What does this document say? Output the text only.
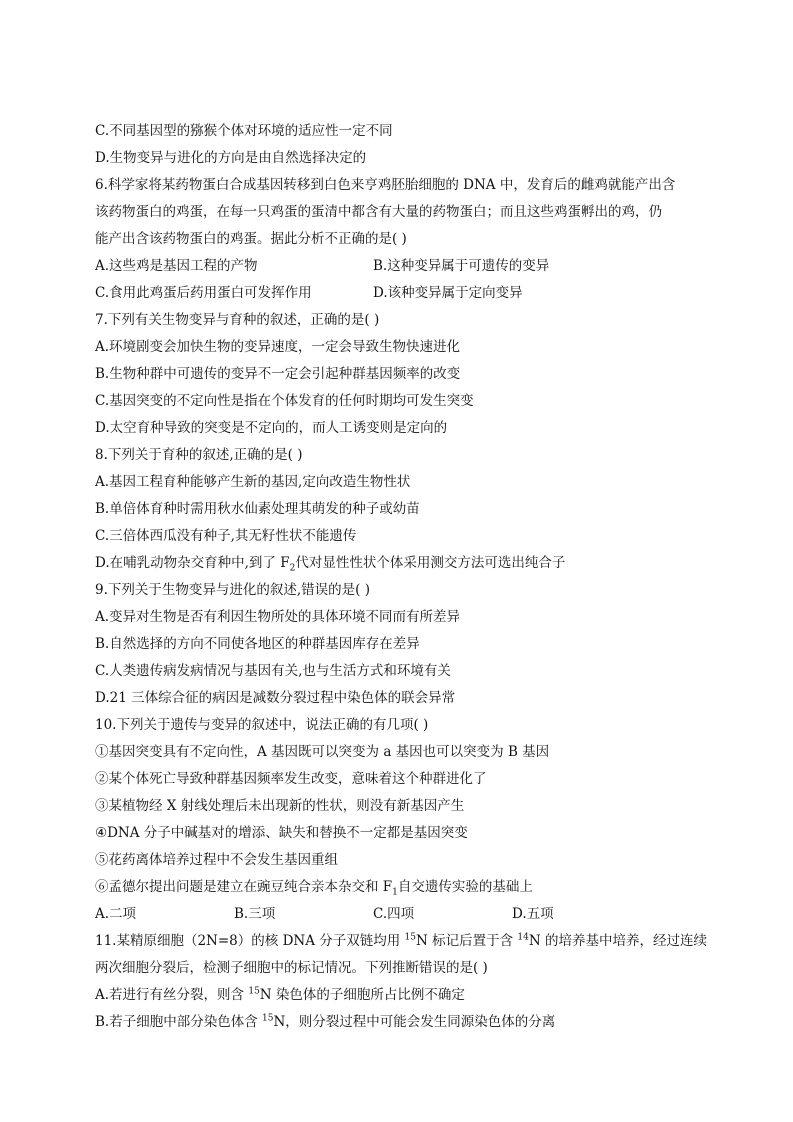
C.不同基因型的猕猴个体对环境的适应性一定不同
D.生物变异与进化的方向是由自然选择决定的
6.科学家将某药物蛋白合成基因转移到白色来亨鸡胚胎细胞的 DNA 中，发育后的雌鸡就能产出含
该药物蛋白的鸡蛋，在每一只鸡蛋的蛋清中都含有大量的药物蛋白；而且这些鸡蛋孵出的鸡，仍
能产出含该药物蛋白的鸡蛋。据此分析不正确的是( )
A.这些鸡是基因工程的产物	B.这种变异属于可遗传的变异
C.食用此鸡蛋后药用蛋白可发挥作用	D.该种变异属于定向变异
7.下列有关生物变异与育种的叙述，正确的是( )
A.环境剧变会加快生物的变异速度，一定会导致生物快速进化
B.生物种群中可遗传的变异不一定会引起种群基因频率的改变
C.基因突变的不定向性是指在个体发育的任何时期均可发生突变
D.太空育种导致的突变是不定向的，而人工诱变则是定向的
8.下列关于育种的叙述,正确的是( )
A.基因工程育种能够产生新的基因,定向改造生物性状
B.单倍体育种时需用秋水仙素处理其萌发的种子或幼苗
C.三倍体西瓜没有种子,其无籽性状不能遗传
D.在哺乳动物杂交育种中,到了 $F_2$代对显性性状个体采用测交方法可选出纯合子
9.下列关于生物变异与进化的叙述,错误的是( )
A.变异对生物是否有利因生物所处的具体环境不同而有所差异
B.自然选择的方向不同使各地区的种群基因库存在差异
C.人类遗传病发病情况与基因有关,也与生活方式和环境有关
D.21 三体综合征的病因是减数分裂过程中染色体的联会异常
10.下列关于遗传与变异的叙述中，说法正确的有几项( )
①基因突变具有不定向性，A 基因既可以突变为 a 基因也可以突变为 B 基因
②某个体死亡导致种群基因频率发生改变，意味着这个种群进化了
③某植物经 X 射线处理后未出现新的性状，则没有新基因产生
④DNA 分子中碱基对的增添、缺失和替换不一定都是基因突变
⑤花药离体培养过程中不会发生基因重组
⑥孟德尔提出问题是建立在豌豆纯合亲本杂交和 $F_1$自交遗传实验的基础上
A.二项	B.三项	C.四项	D.五项
11.某精原细胞（2N=8）的核 DNA 分子双链均用 $^{15}$N 标记后置于含 $^{14}$N 的培养基中培养，经过连续
两次细胞分裂后，检测子细胞中的标记情况。下列推断错误的是( )
A.若进行有丝分裂，则含 $^{15}$N 染色体的子细胞所占比例不确定
B.若子细胞中部分染色体含 $^{15}$N，则分裂过程中可能会发生同源染色体的分离
